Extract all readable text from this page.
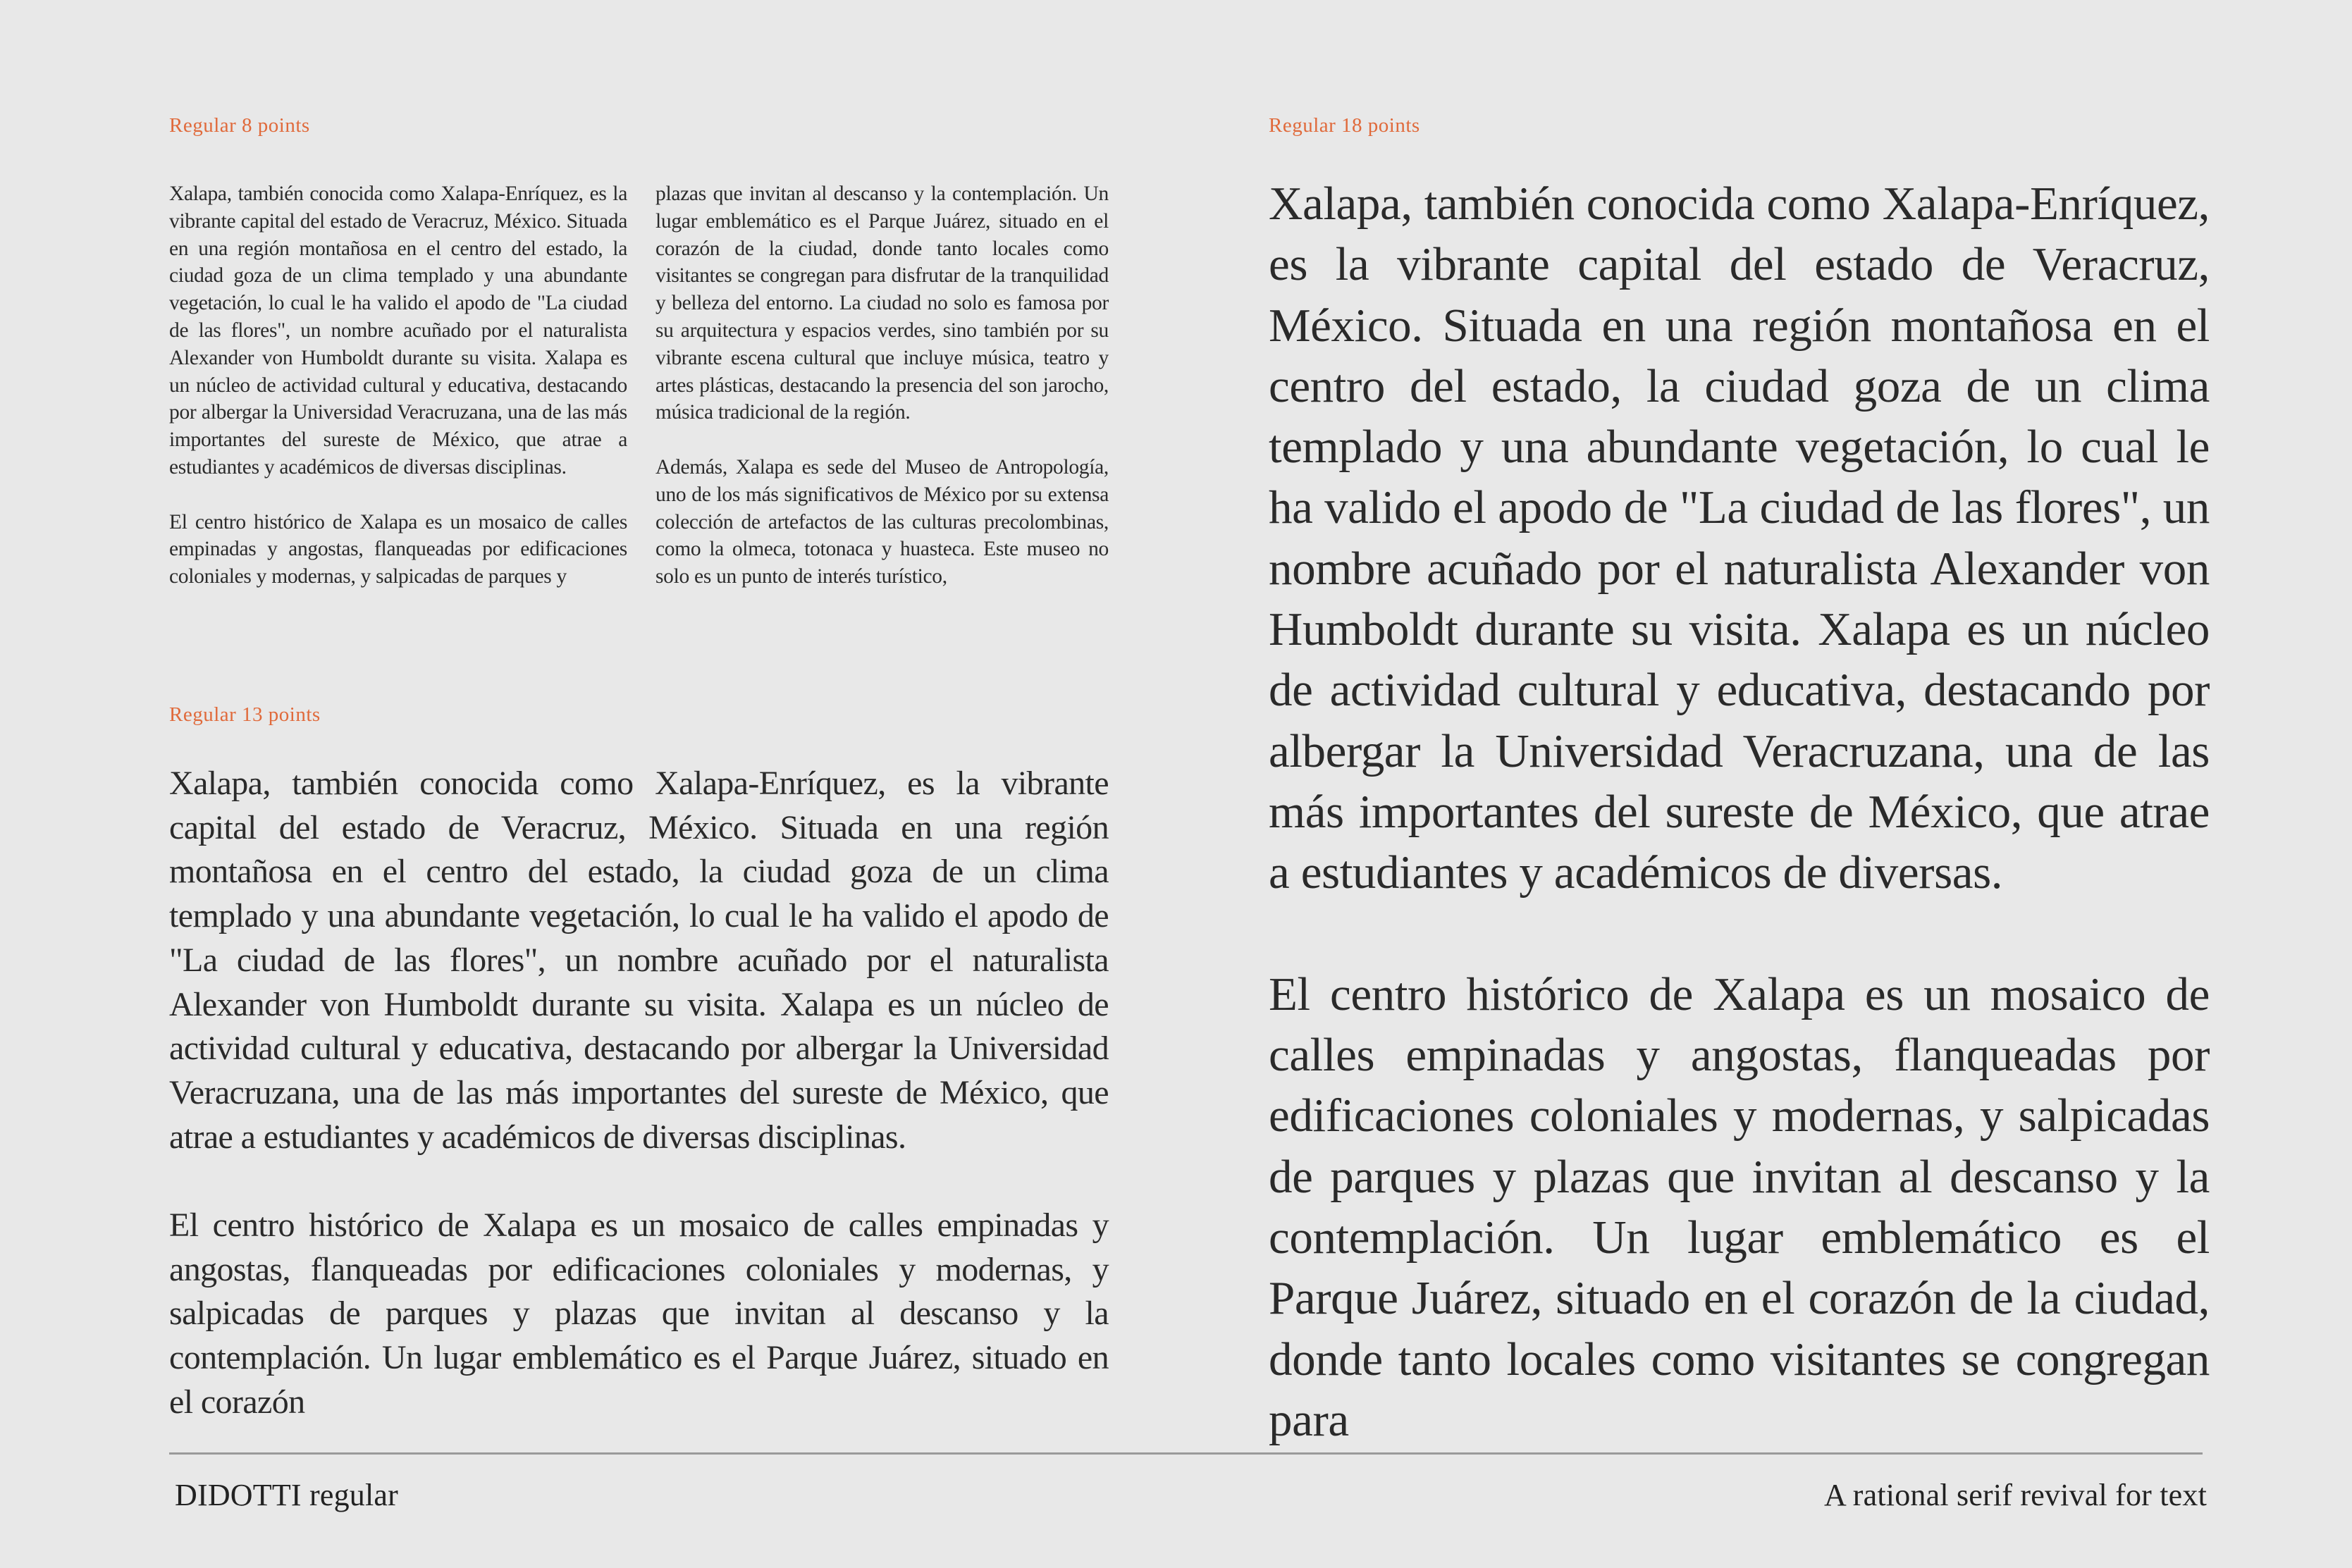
Regular 8 points

Xalapa, también conocida como Xalapa-Enríquez, es la vibrante capital del estado de Veracruz, México. Situada en una región montañosa en el centro del estado, la ciudad goza de un clima templado y una abundante vegetación, lo cual le ha valido el apodo de "La ciudad de las flores", un nombre acuñado por el naturalista Alexander von Humboldt durante su visita. Xalapa es un núcleo de actividad cultural y educativa, destacando por albergar la Universidad Veracruzana, una de las más importantes del sureste de México, que atrae a estudiantes y académicos de diversas disciplinas.

El centro histórico de Xalapa es un mosaico de calles empinadas y angostas, flanqueadas por edificaciones coloniales y modernas, y salpicadas de parques y

plazas que invitan al descanso y la contemplación. Un lugar emblemático es el Parque Juárez, situado en el corazón de la ciudad, donde tanto locales como visitantes se congregan para disfrutar de la tranquilidad y belleza del entorno. La ciudad no solo es famosa por su arquitectura y espacios verdes, sino también por su vibrante escena cultural que incluye música, teatro y artes plásticas, destacando la presencia del son jarocho, música tradicional de la región.

Además, Xalapa es sede del Museo de Antropología, uno de los más significativos de México por su extensa colección de artefactos de las culturas precolombinas, como la olmeca, totonaca y huasteca. Este museo no solo es un punto de interés turístico,

Regular 13 points

Xalapa, también conocida como Xalapa-Enríquez, es la vibrante capital del estado de Veracruz, México. Situada en una región montañosa en el centro del estado, la ciudad goza de un clima templado y una abundante vegetación, lo cual le ha valido el apodo de "La ciudad de las flores", un nombre acuñado por el naturalista Alexander von Humboldt durante su visita. Xalapa es un núcleo de actividad cultural y educativa, destacando por albergar la Universidad Veracruzana, una de las más importantes del sureste de México, que atrae a estudiantes y académicos de diversas disciplinas.

El centro histórico de Xalapa es un mosaico de calles empinadas y angostas, flanqueadas por edificaciones coloniales y modernas, y salpicadas de parques y plazas que invitan al descanso y la contemplación. Un lugar emblemático es el Parque Juárez, situado en el corazón

Regular 18 points

Xalapa, también conocida como Xalapa-Enríquez, es la vibrante capital del estado de Veracruz, México. Situada en una región montañosa en el centro del estado, la ciudad goza de un clima templado y una abundante vegetación, lo cual le ha valido el apodo de "La ciudad de las flores", un nombre acuñado por el naturalista Alexander von Humboldt durante su visita. Xalapa es un núcleo de actividad cultural y educativa, destacando por albergar la Universidad Veracruzana, una de las más importantes del sureste de México, que atrae a estudiantes y académicos de diversas.

El centro histórico de Xalapa es un mosaico de calles empinadas y angostas, flanqueadas por edificaciones coloniales y modernas, y salpicadas de parques y plazas que invitan al descanso y la contemplación. Un lugar emblemático es el Parque Juárez, situado en el corazón de la ciudad, donde tanto locales como visitantes se congregan para

DIDOTTI regular	A rational serif revival for text
